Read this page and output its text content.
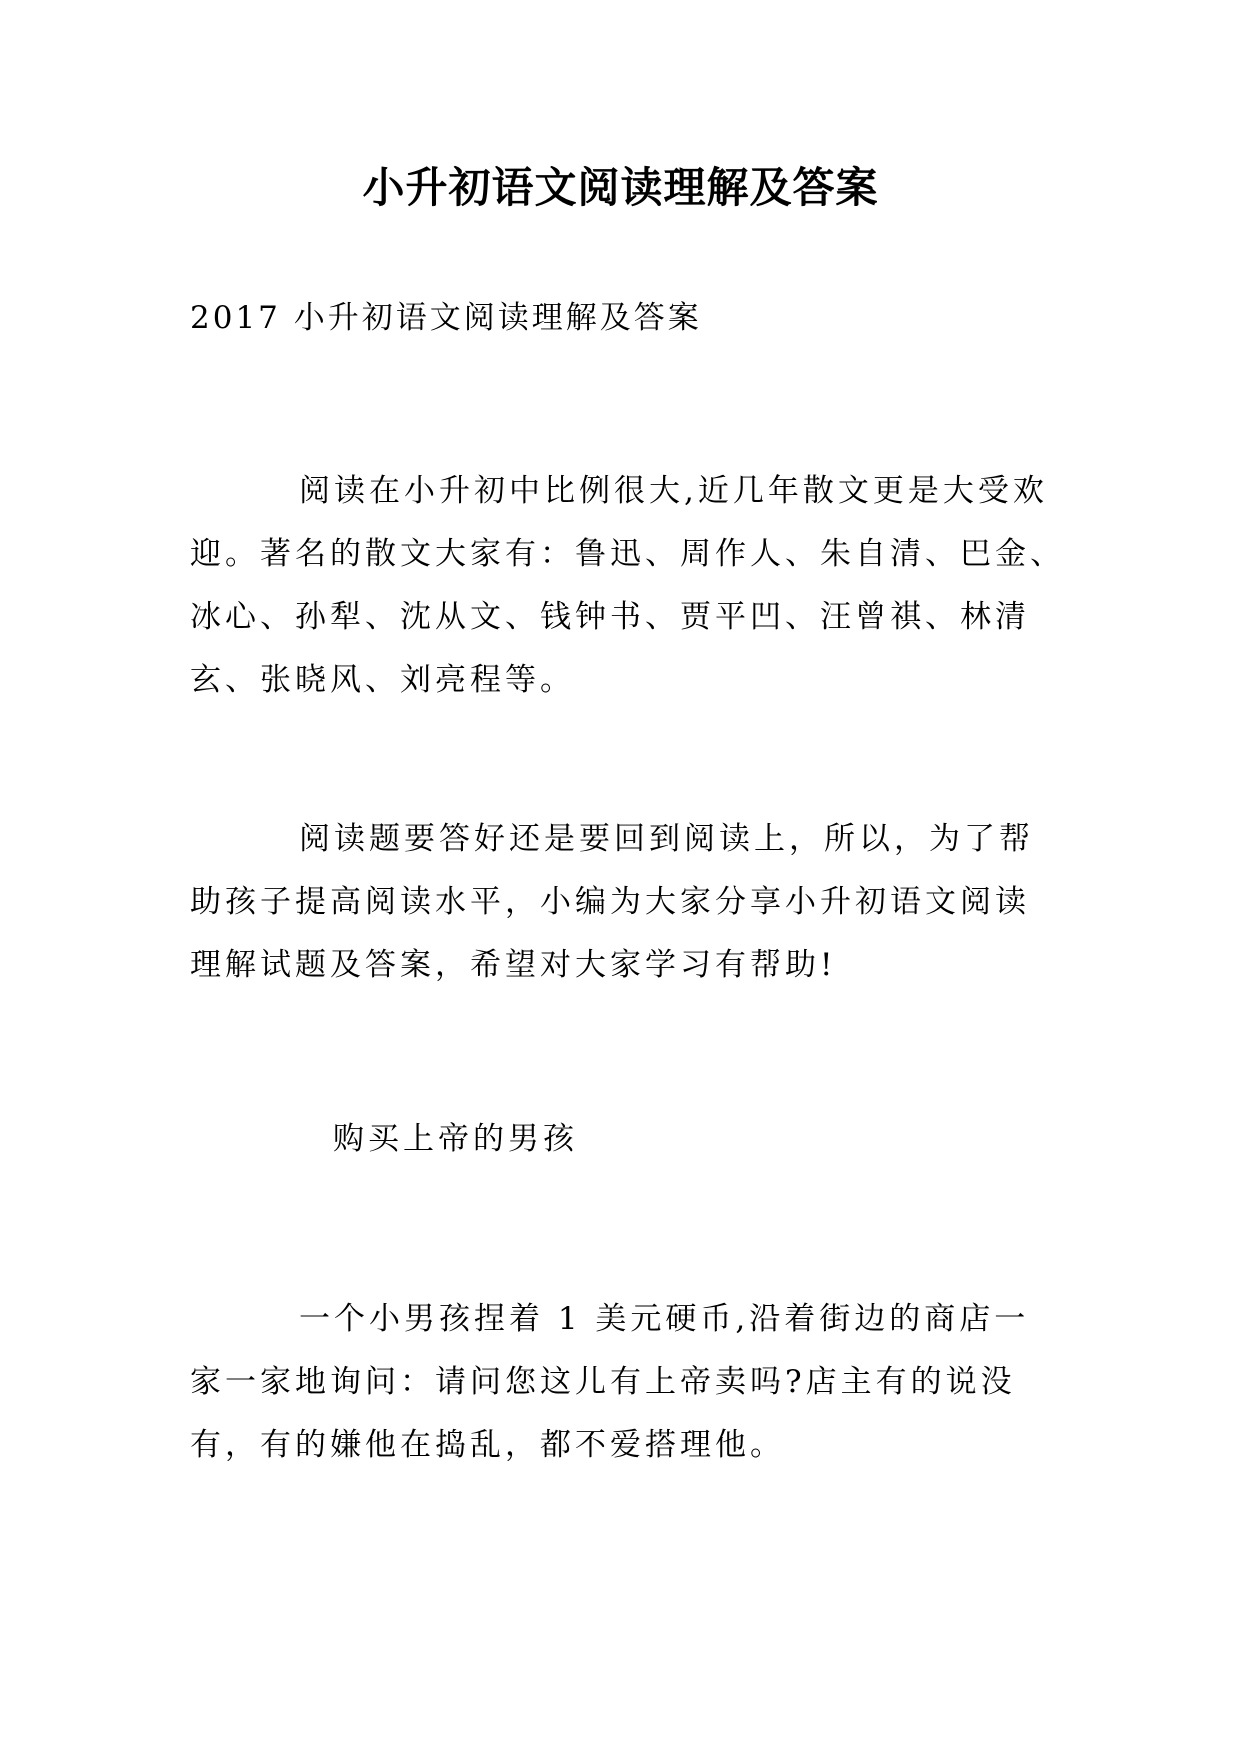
小升初语文阅读理解及答案
2017 小升初语文阅读理解及答案

阅读在小升初中比例很大,近几年散文更是大受欢迎。著名的散文大家有：鲁迅、周作人、朱自清、巴金、冰心、孙犁、沈从文、钱钟书、贾平凹、汪曾祺、林清玄、张晓风、刘亮程等。

阅读题要答好还是要回到阅读上，所以，为了帮助孩子提高阅读水平，小编为大家分享小升初语文阅读理解试题及答案，希望对大家学习有帮助!

购买上帝的男孩

一个小男孩捏着 1 美元硬币,沿着街边的商店一家一家地询问：请问您这儿有上帝卖吗?店主有的说没有，有的嫌他在捣乱，都不爱搭理他。
